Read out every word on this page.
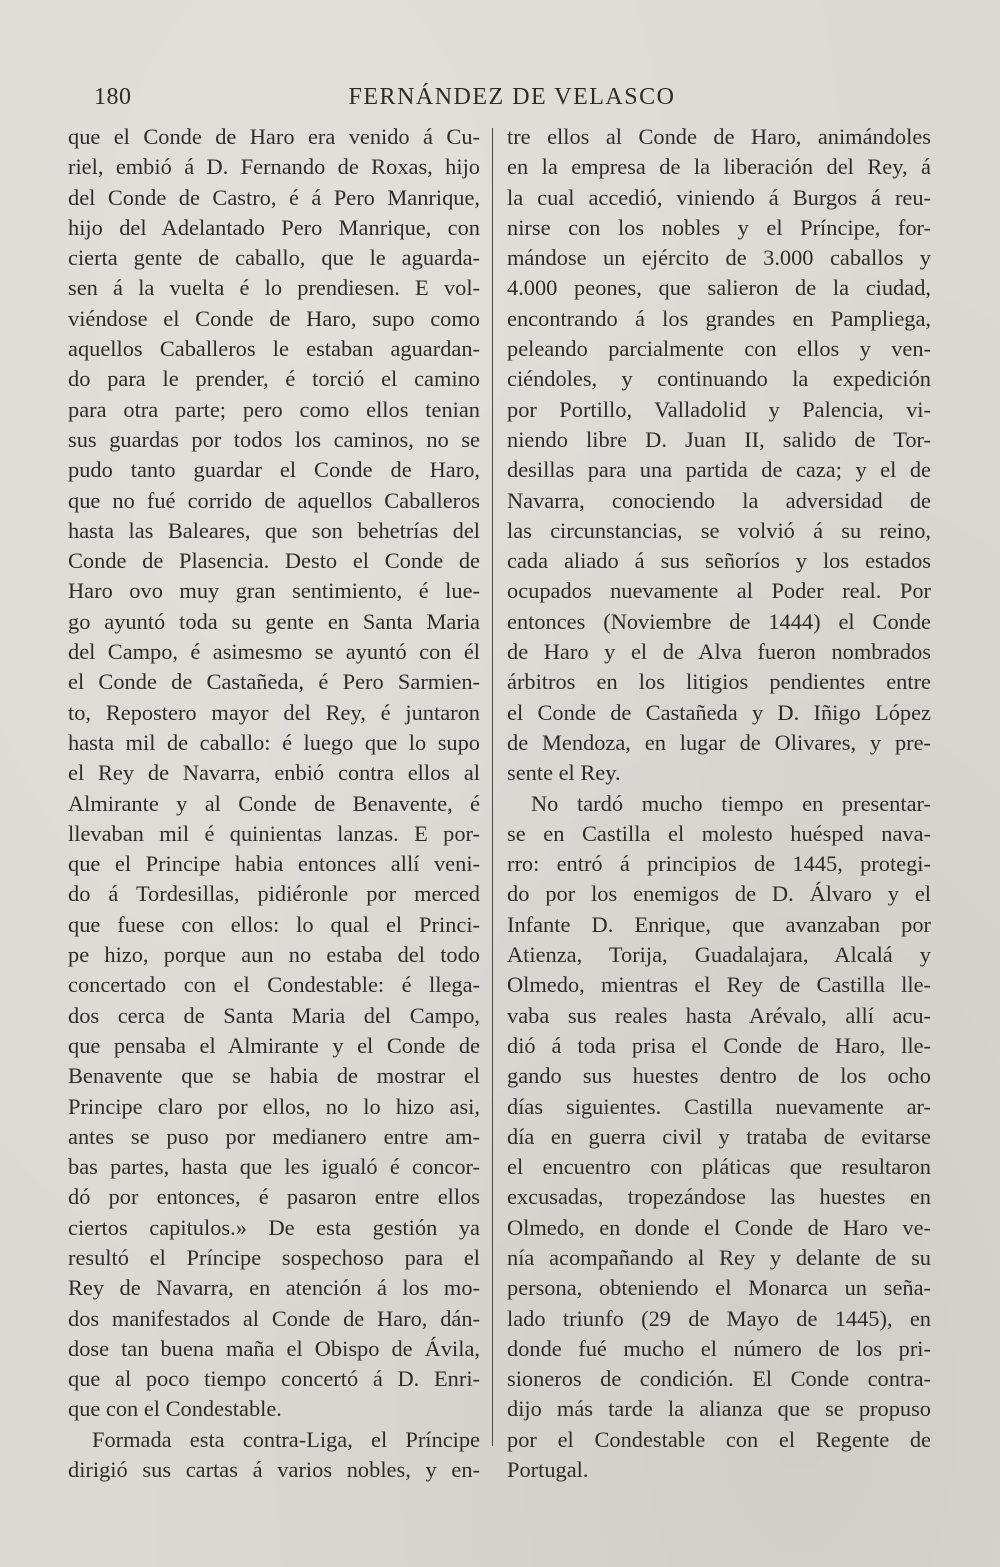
180	FERNÁNDEZ DE VELASCO
que el Conde de Haro era venido á Cu-
riel, embió á D. Fernando de Roxas, hijo
del Conde de Castro, é á Pero Manrique,
hijo del Adelantado Pero Manrique, con
cierta gente de caballo, que le aguarda-
sen á la vuelta é lo prendiesen. E vol-
viéndose el Conde de Haro, supo como
aquellos Caballeros le estaban aguardan-
do para le prender, é torció el camino
para otra parte; pero como ellos tenian
sus guardas por todos los caminos, no se
pudo tanto guardar el Conde de Haro,
que no fué corrido de aquellos Caballeros
hasta las Baleares, que son behetrías del
Conde de Plasencia. Desto el Conde de
Haro ovo muy gran sentimiento, é lue-
go ayuntó toda su gente en Santa Maria
del Campo, é asimesmo se ayuntó con él
el Conde de Castañeda, é Pero Sarmien-
to, Repostero mayor del Rey, é juntaron
hasta mil de caballo: é luego que lo supo
el Rey de Navarra, enbió contra ellos al
Almirante y al Conde de Benavente, é
llevaban mil é quinientas lanzas. E por-
que el Principe habia entonces allí veni-
do á Tordesillas, pidiéronle por merced
que fuese con ellos: lo qual el Princi-
pe hizo, porque aun no estaba del todo
concertado con el Condestable: é llega-
dos cerca de Santa Maria del Campo,
que pensaba el Almirante y el Conde de
Benavente que se habia de mostrar el
Principe claro por ellos, no lo hizo asi,
antes se puso por medianero entre am-
bas partes, hasta que les igualó é concor-
dó por entonces, é pasaron entre ellos
ciertos capitulos.» De esta gestión ya
resultó el Príncipe sospechoso para el
Rey de Navarra, en atención á los mo-
dos manifestados al Conde de Haro, dán-
dose tan buena maña el Obispo de Ávila,
que al poco tiempo concertó á D. Enri-
que con el Condestable.
Formada esta contra-Liga, el Príncipe
dirigió sus cartas á varios nobles, y en-
tre ellos al Conde de Haro, animándoles
en la empresa de la liberación del Rey, á
la cual accedió, viniendo á Burgos á reu-
nirse con los nobles y el Príncipe, for-
mándose un ejército de 3.000 caballos y
4.000 peones, que salieron de la ciudad,
encontrando á los grandes en Pampliega,
peleando parcialmente con ellos y ven-
ciéndoles, y continuando la expedición
por Portillo, Valladolid y Palencia, vi-
niendo libre D. Juan II, salido de Tor-
desillas para una partida de caza; y el de
Navarra, conociendo la adversidad de
las circunstancias, se volvió á su reino,
cada aliado á sus señoríos y los estados
ocupados nuevamente al Poder real. Por
entonces (Noviembre de 1444) el Conde
de Haro y el de Alva fueron nombrados
árbitros en los litigios pendientes entre
el Conde de Castañeda y D. Iñigo López
de Mendoza, en lugar de Olivares, y pre-
sente el Rey.
No tardó mucho tiempo en presentar-
se en Castilla el molesto huésped nava-
rro: entró á principios de 1445, protegi-
do por los enemigos de D. Álvaro y el
Infante D. Enrique, que avanzaban por
Atienza, Torija, Guadalajara, Alcalá y
Olmedo, mientras el Rey de Castilla lle-
vaba sus reales hasta Arévalo, allí acu-
dió á toda prisa el Conde de Haro, lle-
gando sus huestes dentro de los ocho
días siguientes. Castilla nuevamente ar-
día en guerra civil y trataba de evitarse
el encuentro con pláticas que resultaron
excusadas, tropezándose las huestes en
Olmedo, en donde el Conde de Haro ve-
nía acompañando al Rey y delante de su
persona, obteniendo el Monarca un seña-
lado triunfo (29 de Mayo de 1445), en
donde fué mucho el número de los pri-
sioneros de condición. El Conde contra-
dijo más tarde la alianza que se propuso
por el Condestable con el Regente de
Portugal.
